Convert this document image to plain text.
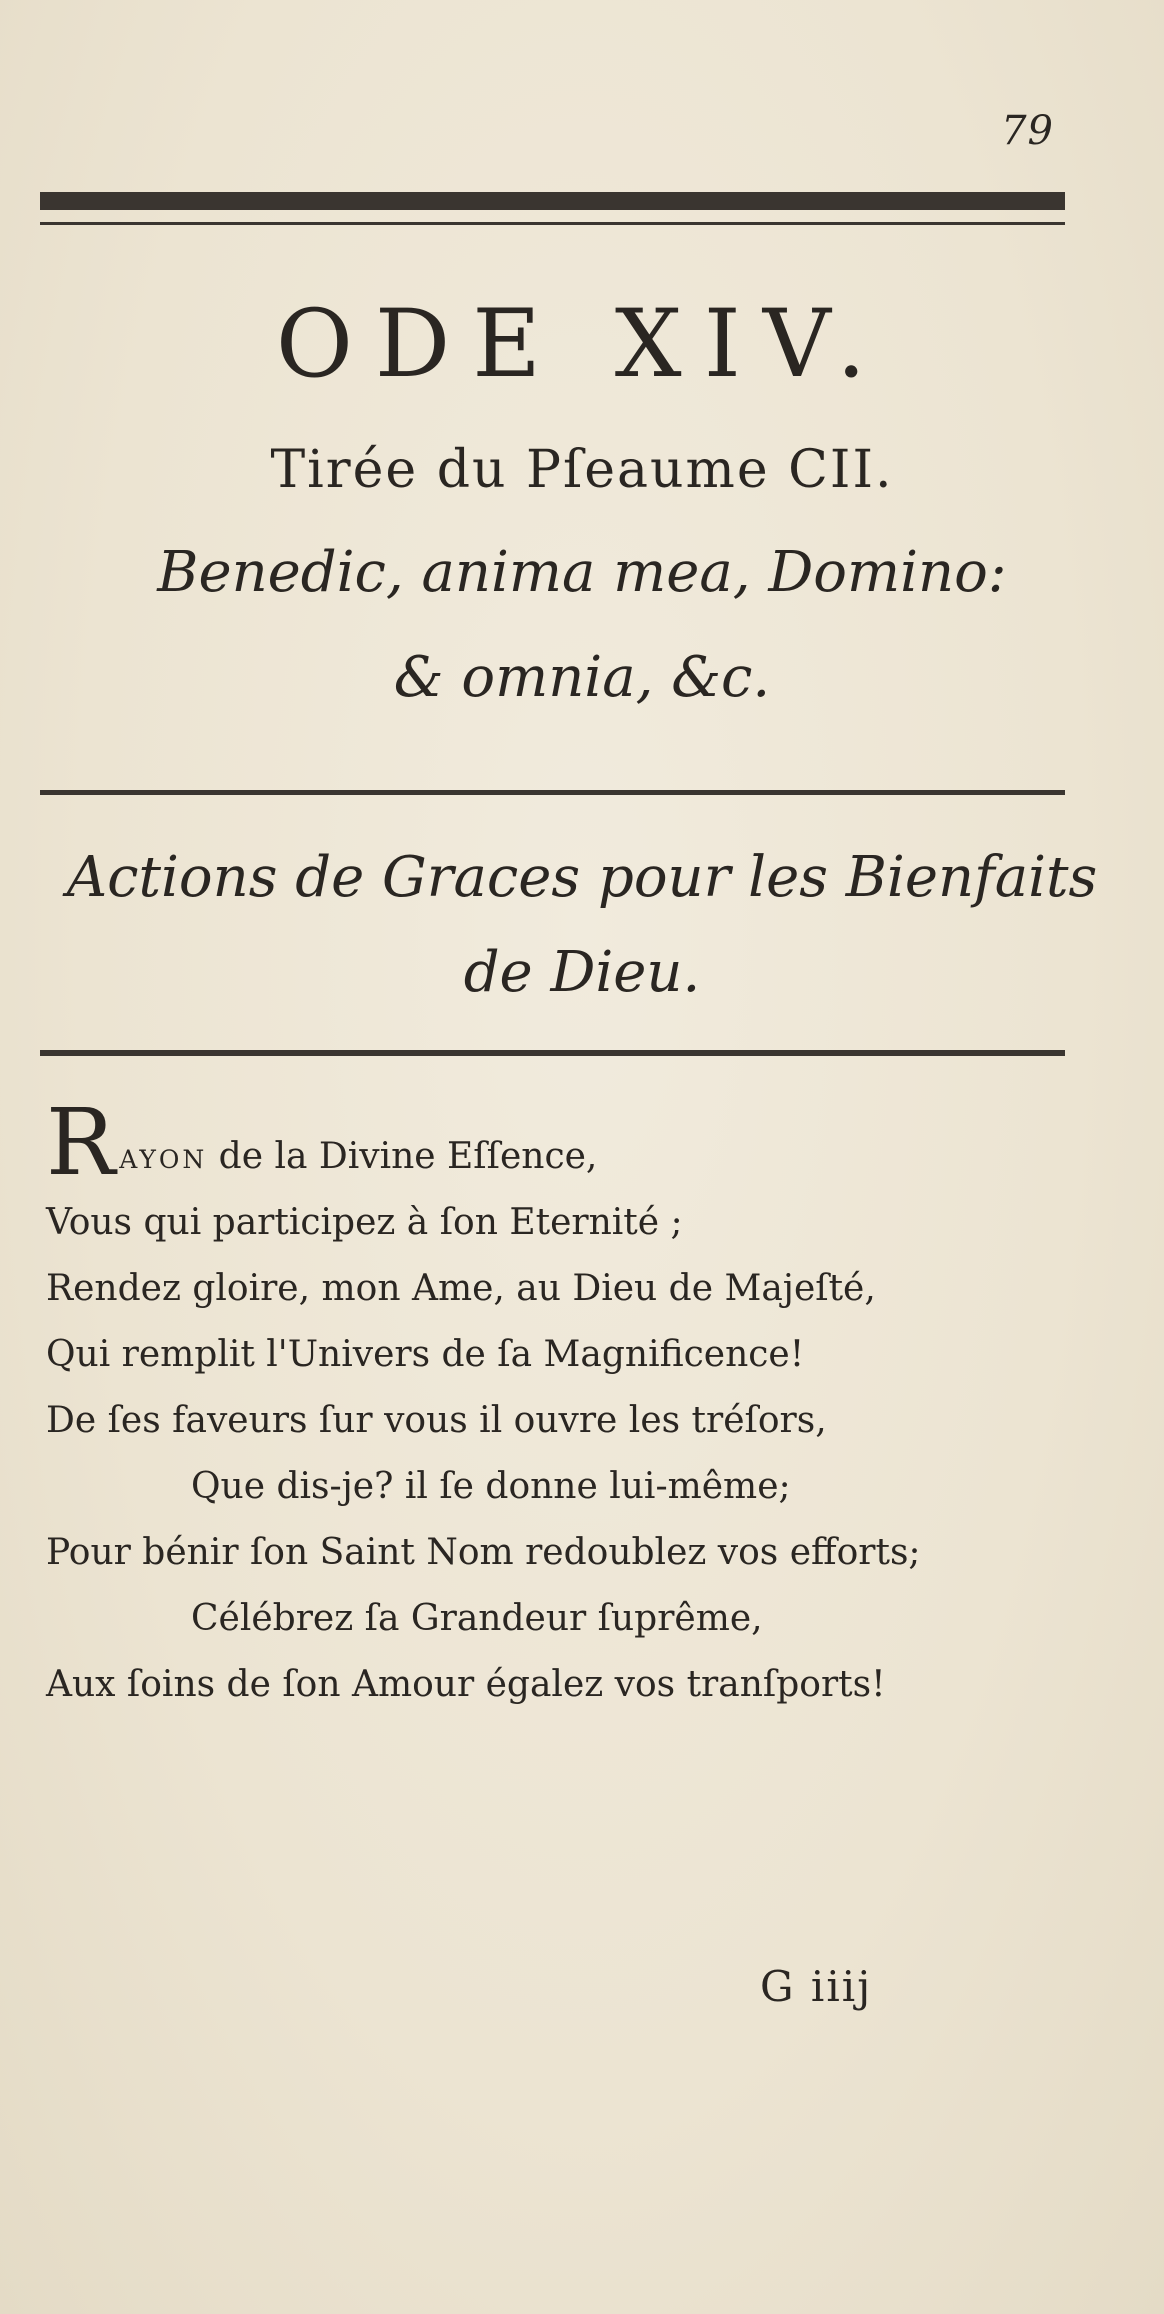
79
ODE XIV.
Tirée du Pſeaume CII.
Benedic, anima mea, Domino:
& omnia, &c.
Actions de Graces pour les Bienfaits
de Dieu.
Rayon de la Divine Eſſence,
Vous qui participez à ſon Eternité ;
Rendez gloire, mon Ame, au Dieu de Majeſté,
Qui remplit l'Univers de ſa Magnificence!
De ſes faveurs ſur vous il ouvre les tréſors,
Que dis-je? il ſe donne lui-même;
Pour bénir ſon Saint Nom redoublez vos efforts;
Célébrez ſa Grandeur ſuprême,
Aux ſoins de ſon Amour égalez vos tranſports!
G iiij
